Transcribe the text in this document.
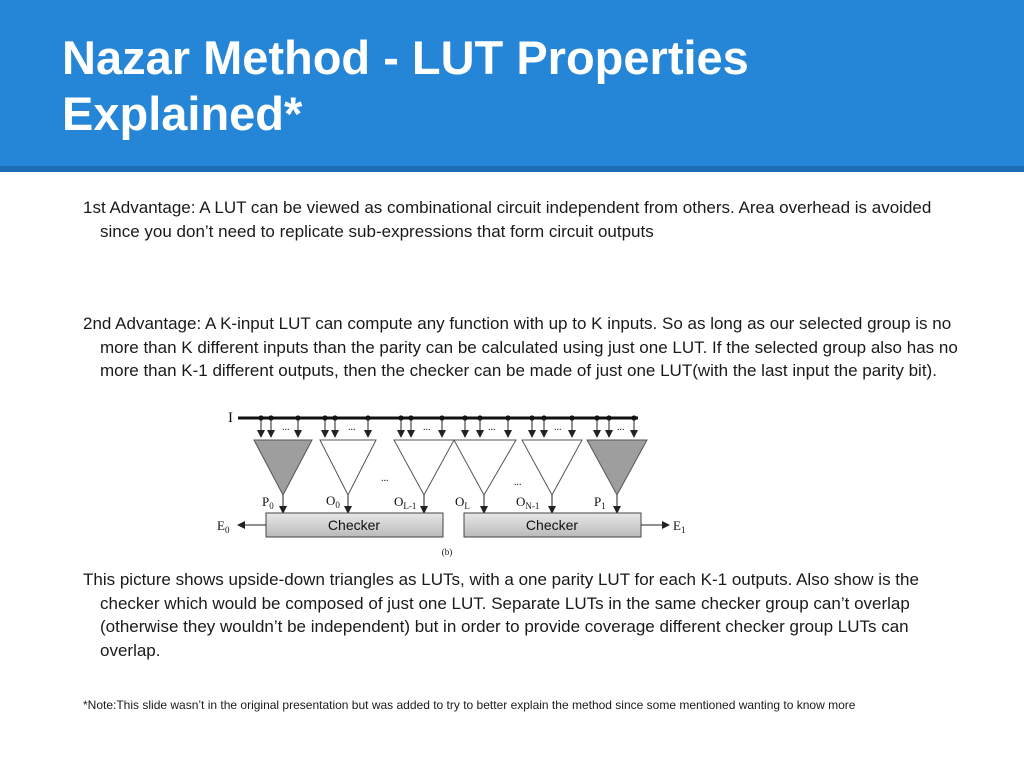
Nazar Method - LUT Properties
Explained*

1st Advantage: A LUT can be viewed as combinational circuit independent from others. Area overhead is avoided since you don’t need to replicate sub-expressions that form circuit outputs

2nd Advantage: A K-input LUT can compute any function with up to K inputs. So as long as our selected group is no more than K different inputs than the parity can be calculated using just one LUT. If the selected group also has no more than K-1 different outputs, then the checker can be made of just one LUT(with the last input the parity bit).

I
...	...	...	...	...	...
...	...
$P_0$	$O_0$	$O_{L-1}$	$O_L$	$O_{N-1}$	$P_1$
Checker	Checker
$E_0$	$E_1$
(b)

This picture shows upside-down triangles as LUTs, with a one parity LUT for each K-1 outputs. Also show is the checker which would be composed of just one LUT. Separate LUTs in the same checker group can’t overlap (otherwise they wouldn’t be independent) but in order to provide coverage different checker group LUTs can overlap.

*Note:This slide wasn’t in the original presentation but was added to try to better explain the method since some mentioned wanting to know more
